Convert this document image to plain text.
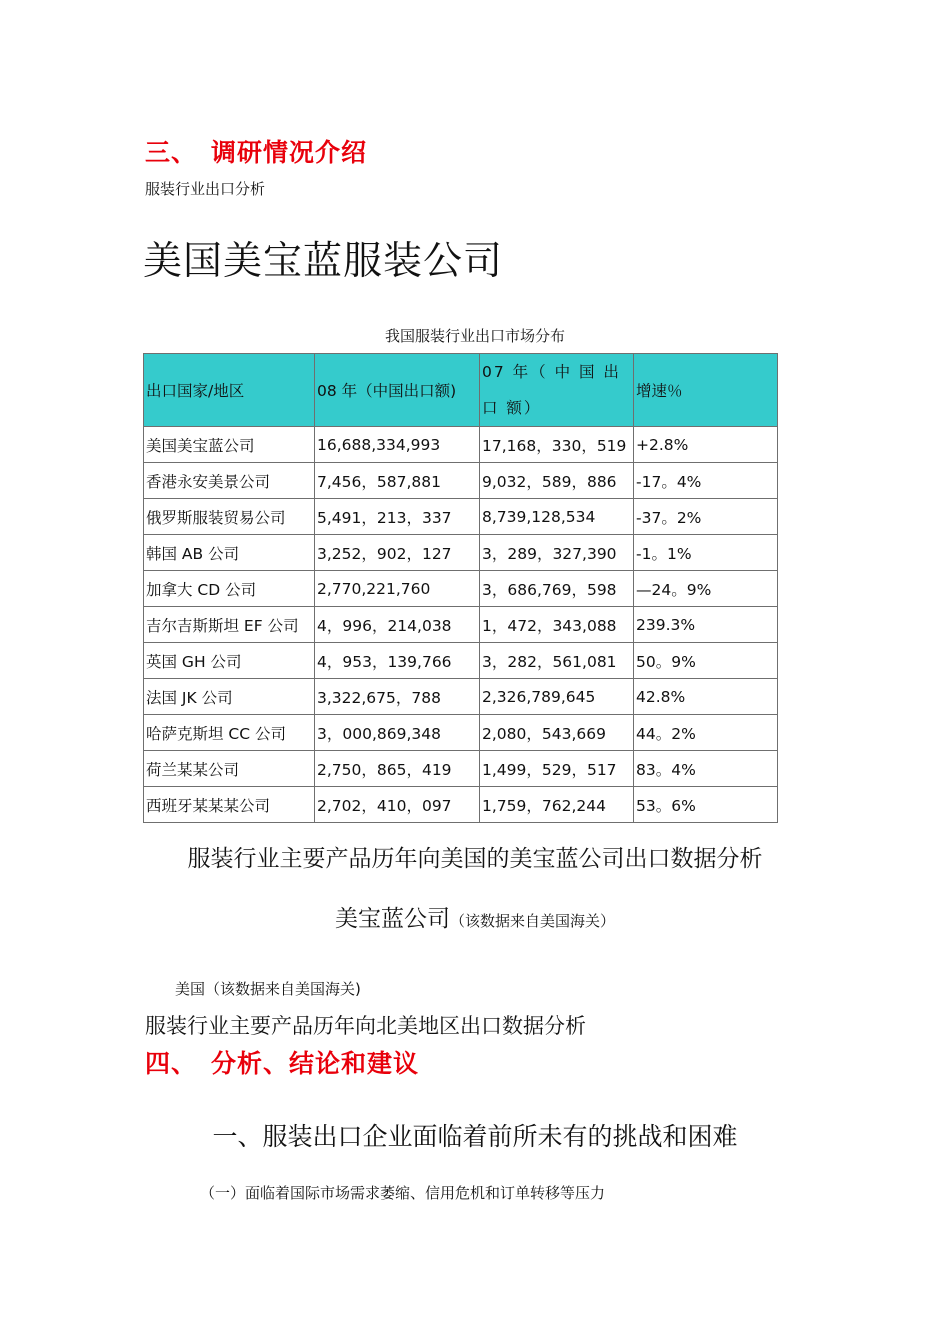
三、 调研情况介绍
服装行业出口分析
美国美宝蓝服装公司
我国服装行业出口市场分布
出口国家/地区	08 年（中国出口额)	07 年（ 中 国 出 口 额）	增速％
美国美宝蓝公司	16,688,334,993	17,168，330，519	+2.8%
香港永安美景公司	7,456，587,881	9,032，589，886	-17。4%
俄罗斯服装贸易公司	5,491，213，337	8,739,128,534	-37。2%
韩国 AB 公司	3,252，902，127	3，289，327,390	-1。1%
加拿大 CD 公司	2,770,221,760	3，686,769，598	—24。9%
吉尔吉斯斯坦 EF 公司	4，996，214,038	1，472，343,088	239.3%
英国 GH 公司	4，953，139,766	3，282，561,081	50。9%
法国 JK 公司	3,322,675，788	2,326,789,645	42.8%
哈萨克斯坦 CC 公司	3，000,869,348	2,080，543,669	44。2%
荷兰某某公司	2,750，865，419	1,499，529，517	83。4%
西班牙某某某公司	2,702，410，097	1,759，762,244	53。6%
服装行业主要产品历年向美国的美宝蓝公司出口数据分析
美宝蓝公司（该数据来自美国海关）
美国（该数据来自美国海关)
服装行业主要产品历年向北美地区出口数据分析
四、 分析、结论和建议
一、服装出口企业面临着前所未有的挑战和困难
（一）面临着国际市场需求萎缩、信用危机和订单转移等压力
